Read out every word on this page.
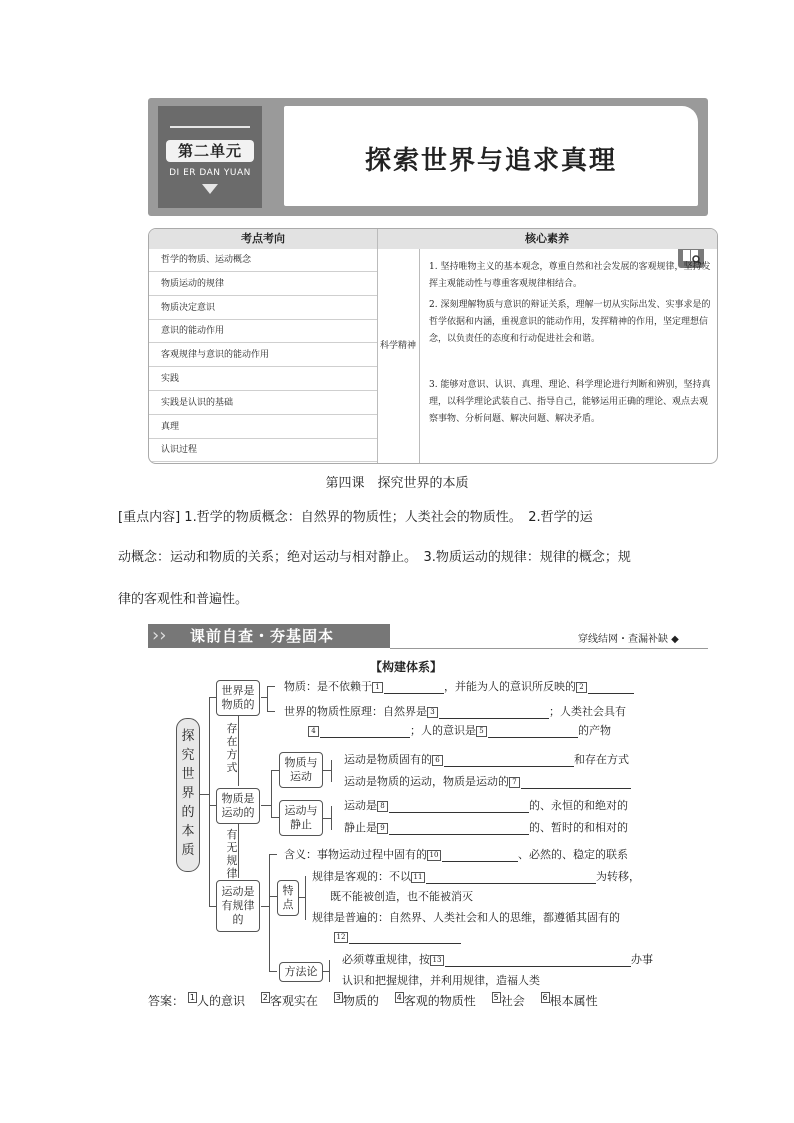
第二单元
DI ER DAN YUAN	探索世界与追求真理
考点考向	核心素养
哲学的物质、运动概念
物质运动的规律
物质决定意识
意识的能动作用
客观规律与意识的能动作用
实践
实践是认识的基础
真理
认识过程
科学精神
1. 坚持唯物主义的基本观念，尊重自然和社会发展的客观规律，坚持发挥主观能动性与尊重客观规律相结合。
2. 深刻理解物质与意识的辩证关系，理解一切从实际出发、实事求是的哲学依据和内涵，重视意识的能动作用，发挥精神的作用，坚定理想信念，以负责任的态度和行动促进社会和谐。
3. 能够对意识、认识、真理、理论、科学理论进行判断和辨别，坚持真理，以科学理论武装自己、指导自己，能够运用正确的理论、观点去观察事物、分析问题、解决问题、解决矛盾。
第四课　探究世界的本质
[重点内容] 1.哲学的物质概念：自然界的物质性；人类社会的物质性。　2.哲学的运
动概念：运动和物质的关系；绝对运动与相对静止。　3.物质运动的规律：规律的概念；规
律的客观性和普遍性。
››	课前自查・夯基固本	穿线结网・查漏补缺 ◆
【构建体系】
探究世界的本质
世界是物质的
物质是运动的
运动是有规律的
存在方式
有无规律
物质：是不依赖于 1	，并能为人的意识所反映的 2
世界的物质性原理：自然界是 3	；人类社会具有
4	；人的意识是 5	的产物
物质与运动
运动是物质固有的 6	和存在方式
运动是物质的运动，物质是运动的 7
运动与静止
运动是 8	的、永恒的和绝对的
静止是 9	的、暂时的和相对的
含义：事物运动过程中固有的 10	、必然的、稳定的联系
特点
规律是客观的：不以 11	为转移，
既不能被创造，也不能被消灭
规律是普遍的：自然界、人类社会和人的思维，都遵循其固有的
12
方法论
必须尊重规律，按 13	办事
认识和把握规律，并利用规律，造福人类
答案： $^1$ 人的意识　 $^2$ 客观实在　 $^3$ 物质的　 $^4$ 客观的物质性　 $^5$ 社会　 $^6$ 根本属性
